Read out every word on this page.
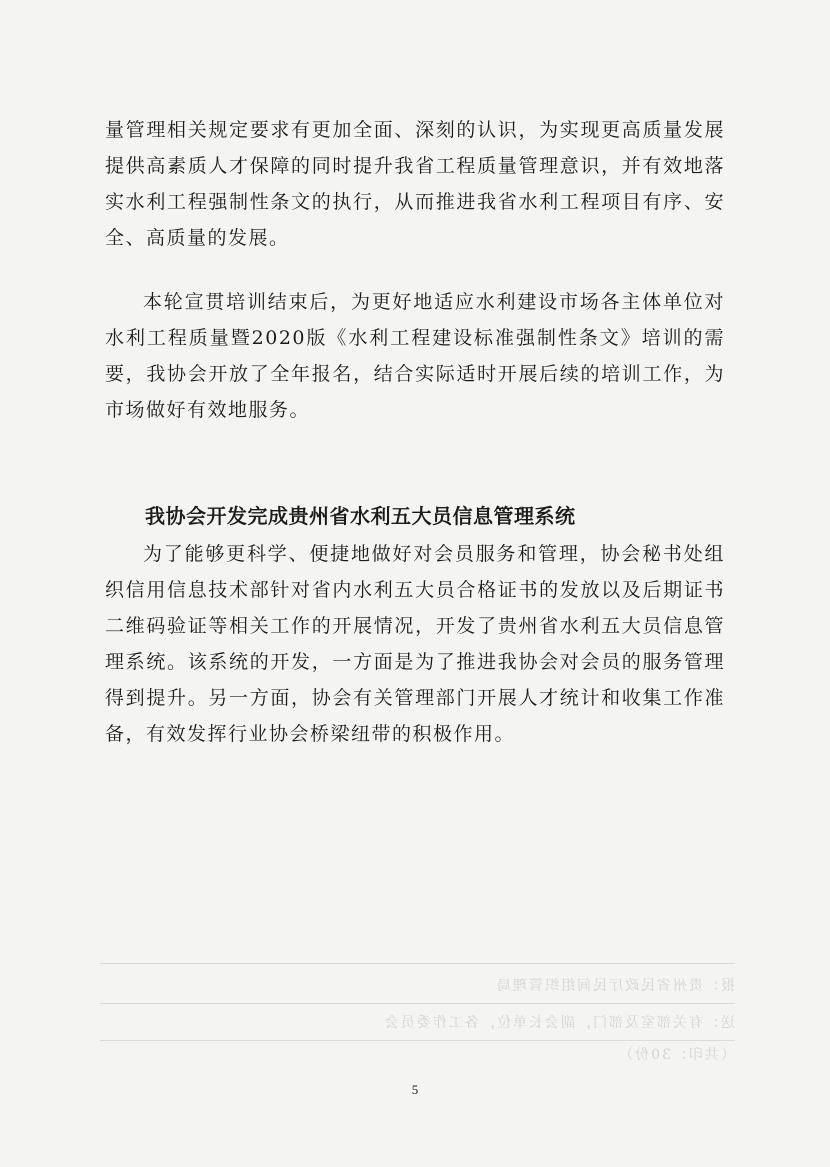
量管理相关规定要求有更加全面、深刻的认识，为实现更高质量发展提供高素质人才保障的同时提升我省工程质量管理意识，并有效地落实水利工程强制性条文的执行，从而推进我省水利工程项目有序、安全、高质量的发展。

本轮宣贯培训结束后，为更好地适应水利建设市场各主体单位对水利工程质量暨2020版《水利工程建设标准强制性条文》培训的需要，我协会开放了全年报名，结合实际适时开展后续的培训工作，为市场做好有效地服务。

我协会开发完成贵州省水利五大员信息管理系统

为了能够更科学、便捷地做好对会员服务和管理，协会秘书处组织信用信息技术部针对省内水利五大员合格证书的发放以及后期证书二维码验证等相关工作的开展情况，开发了贵州省水利五大员信息管理系统。该系统的开发，一方面是为了推进我协会对会员的服务管理得到提升。另一方面，协会有关管理部门开展人才统计和收集工作准备，有效发挥行业协会桥梁纽带的积极作用。

报：贵州省民政厅民间组织管理局
送：有关部室及部门，副会长单位，各工作委员会
（共印：30份）
5
